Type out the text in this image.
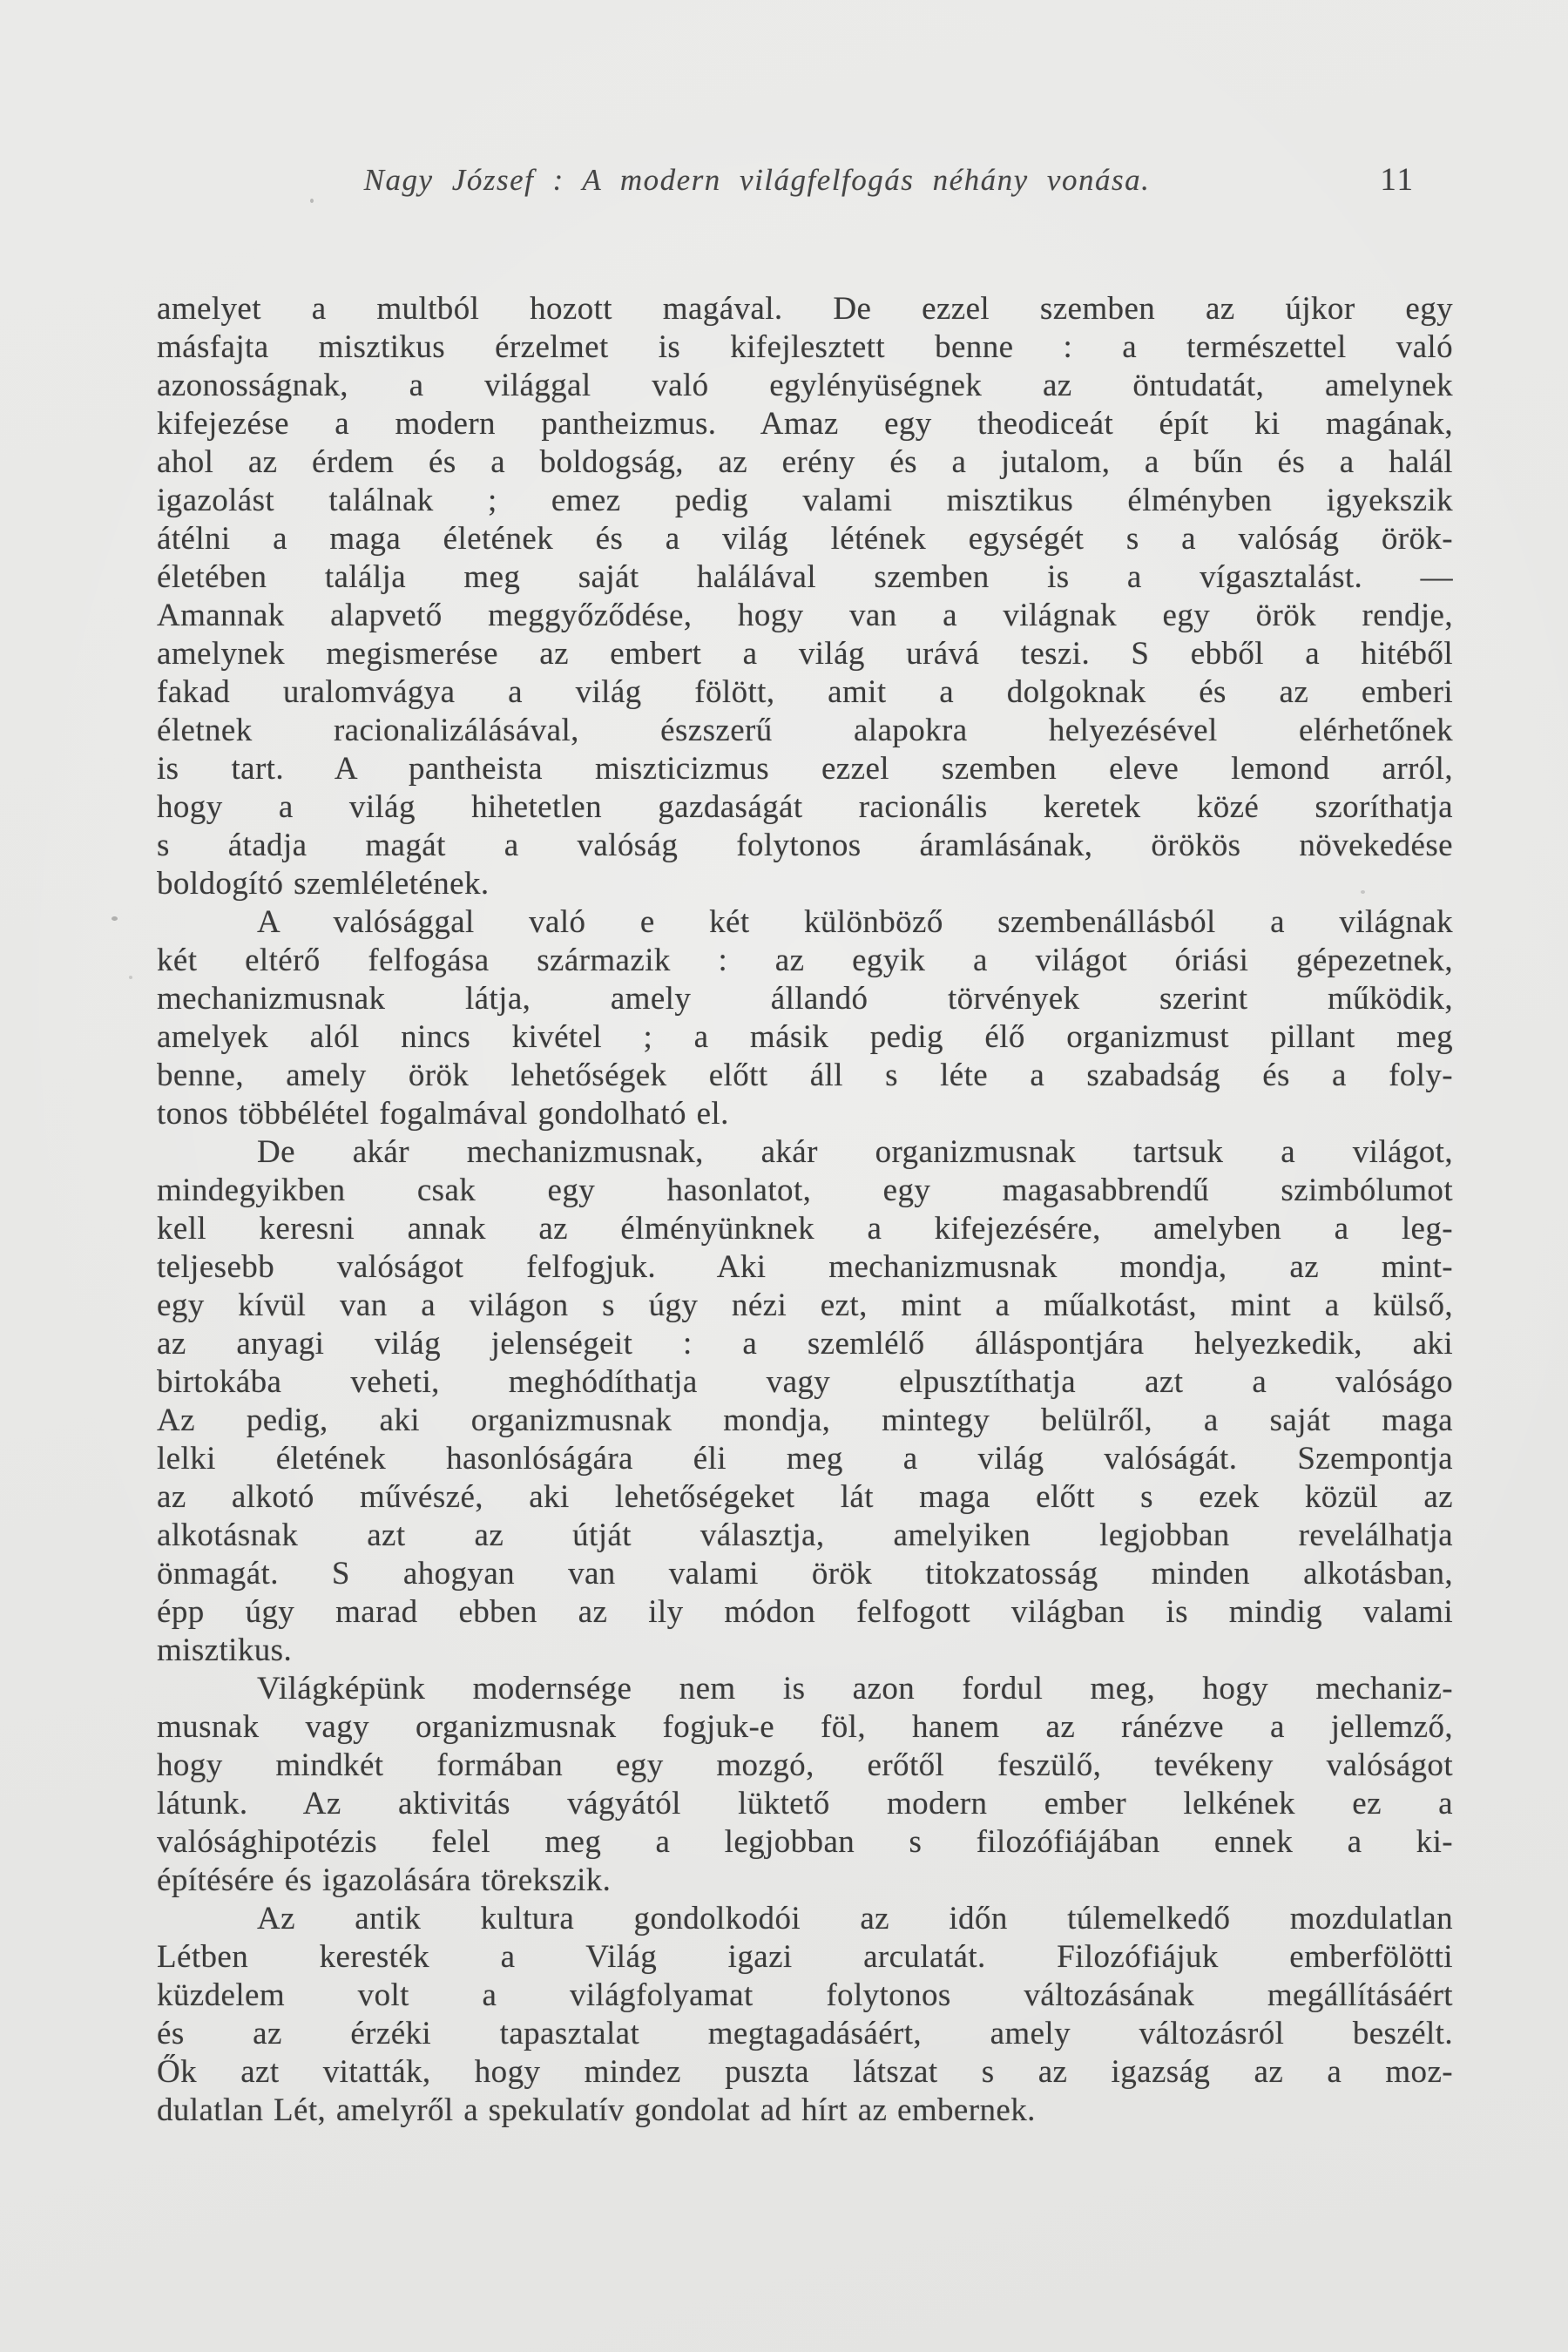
Nagy József : A modern világfelfogás néhány vonása.	11
amelyet a multból hozott magával. De ezzel szemben az újkor egy
másfajta misztikus érzelmet is kifejlesztett benne : a természettel való
azonosságnak, a világgal való egylényüségnek az öntudatát, amelynek
kifejezése a modern pantheizmus. Amaz egy theodiceát épít ki magának,
ahol az érdem és a boldogság, az erény és a jutalom, a bűn és a halál
igazolást találnak ; emez pedig valami misztikus élményben igyekszik
átélni a maga életének és a világ létének egységét s a valóság örök-
életében találja meg saját halálával szemben is a vígasztalást. —
Amannak alapvető meggyőződése, hogy van a világnak egy örök rendje,
amelynek megismerése az embert a világ urává teszi. S ebből a hitéből
fakad uralomvágya a világ fölött, amit a dolgoknak és az emberi
életnek racionalizálásával, észszerű alapokra helyezésével elérhetőnek
is tart. A pantheista miszticizmus ezzel szemben eleve lemond arról,
hogy a világ hihetetlen gazdaságát racionális keretek közé szoríthatja
s átadja magát a valóság folytonos áramlásának, örökös növekedése
boldogító szemléletének.
A valósággal való e két különböző szembenállásból a világnak
két eltérő felfogása származik : az egyik a világot óriási gépezetnek,
mechanizmusnak látja, amely állandó törvények szerint működik,
amelyek alól nincs kivétel ; a másik pedig élő organizmust pillant meg
benne, amely örök lehetőségek előtt áll s léte a szabadság és a foly-
tonos többélétel fogalmával gondolható el.
De akár mechanizmusnak, akár organizmusnak tartsuk a világot,
mindegyikben csak egy hasonlatot, egy magasabbrendű szimbólumot
kell keresni annak az élményünknek a kifejezésére, amelyben a leg-
teljesebb valóságot felfogjuk. Aki mechanizmusnak mondja, az mint-
egy kívül van a világon s úgy nézi ezt, mint a műalkotást, mint a külső,
az anyagi világ jelenségeit : a szemlélő álláspontjára helyezkedik, aki
birtokába veheti, meghódíthatja vagy elpusztíthatja azt a valóságo
Az pedig, aki organizmusnak mondja, mintegy belülről, a saját maga
lelki életének hasonlóságára éli meg a világ valóságát. Szempontja
az alkotó művészé, aki lehetőségeket lát maga előtt s ezek közül az
alkotásnak azt az útját választja, amelyiken legjobban revelálhatja
önmagát. S ahogyan van valami örök titokzatosság minden alkotásban,
épp úgy marad ebben az ily módon felfogott világban is mindig valami
misztikus.
Világképünk modernsége nem is azon fordul meg, hogy mechaniz-
musnak vagy organizmusnak fogjuk-e föl, hanem az ránézve a jellemző,
hogy mindkét formában egy mozgó, erőtől feszülő, tevékeny valóságot
látunk. Az aktivitás vágyától lüktető modern ember lelkének ez a
valósághipotézis felel meg a legjobban s filozófiájában ennek a ki-
építésére és igazolására törekszik.
Az antik kultura gondolkodói az időn túlemelkedő mozdulatlan
Létben keresték a Világ igazi arculatát. Filozófiájuk emberfölötti
küzdelem volt a világfolyamat folytonos változásának megállításáért
és az érzéki tapasztalat megtagadásáért, amely változásról beszélt.
Ők azt vitatták, hogy mindez puszta látszat s az igazság az a moz-
dulatlan Lét, amelyről a spekulatív gondolat ad hírt az embernek.
